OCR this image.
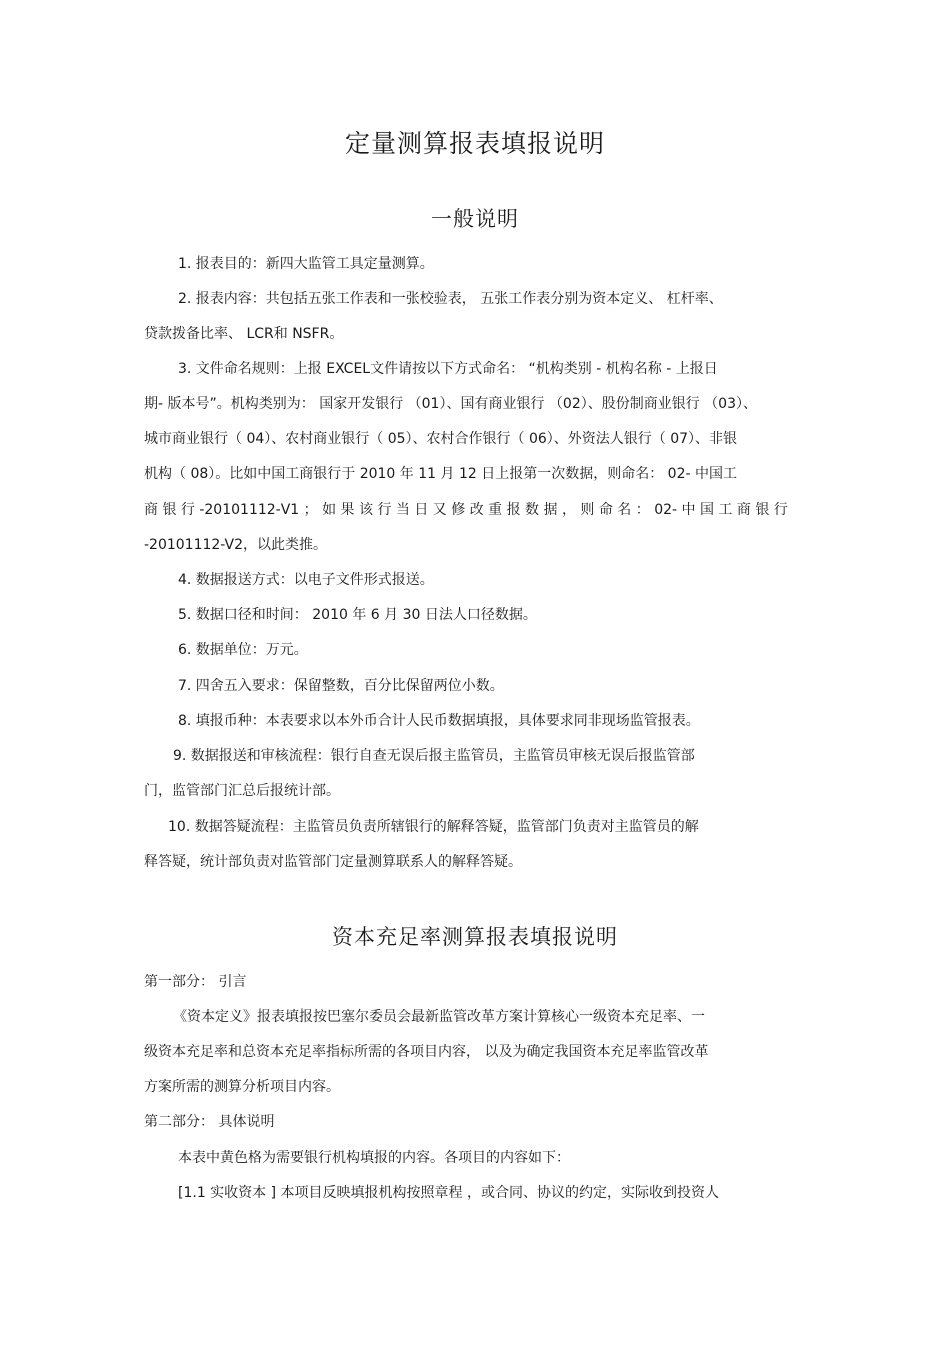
定量测算报表填报说明
一般说明
1. 报表目的：新四大监管工具定量测算。
2. 报表内容：共包括五张工作表和一张校验表， 五张工作表分别为资本定义、 杠杆率、
贷款拨备比率、 LCR和 NSFR。
3. 文件命名规则：上报 EXCEL文件请按以下方式命名： “机构类别 - 机构名称 - 上报日
期- 版本号”。机构类别为： 国家开发银行 （01）、国有商业银行 （02）、股份制商业银行 （03）、
城市商业银行（ 04）、农村商业银行（ 05）、农村合作银行（ 06）、外资法人银行（ 07）、非银
机构（ 08）。比如中国工商银行于 2010 年 11 月 12 日上报第一次数据，则命名： 02- 中国工
商 银 行 -20101112-V1 ； 如 果 该 行 当 日 又 修 改 重 报 数 据 ， 则 命 名 ： 02- 中 国 工 商 银 行
-20101112-V2，以此类推。
4. 数据报送方式：以电子文件形式报送。
5. 数据口径和时间： 2010 年 6 月 30 日法人口径数据。
6. 数据单位：万元。
7. 四舍五入要求：保留整数，百分比保留两位小数。
8. 填报币种：本表要求以本外币合计人民币数据填报，具体要求同非现场监管报表。
9. 数据报送和审核流程：银行自查无误后报主监管员，主监管员审核无误后报监管部
门，监管部门汇总后报统计部。
10. 数据答疑流程：主监管员负责所辖银行的解释答疑，监管部门负责对主监管员的解
释答疑，统计部负责对监管部门定量测算联系人的解释答疑。
资本充足率测算报表填报说明
第一部分： 引言
《资本定义》报表填报按巴塞尔委员会最新监管改革方案计算核心一级资本充足率、一
级资本充足率和总资本充足率指标所需的各项目内容， 以及为确定我国资本充足率监管改革
方案所需的测算分析项目内容。
第二部分： 具体说明
本表中黄色格为需要银行机构填报的内容。各项目的内容如下：
[1.1 实收资本 ] 本项目反映填报机构按照章程 ，或合同、协议的约定，实际收到投资人
